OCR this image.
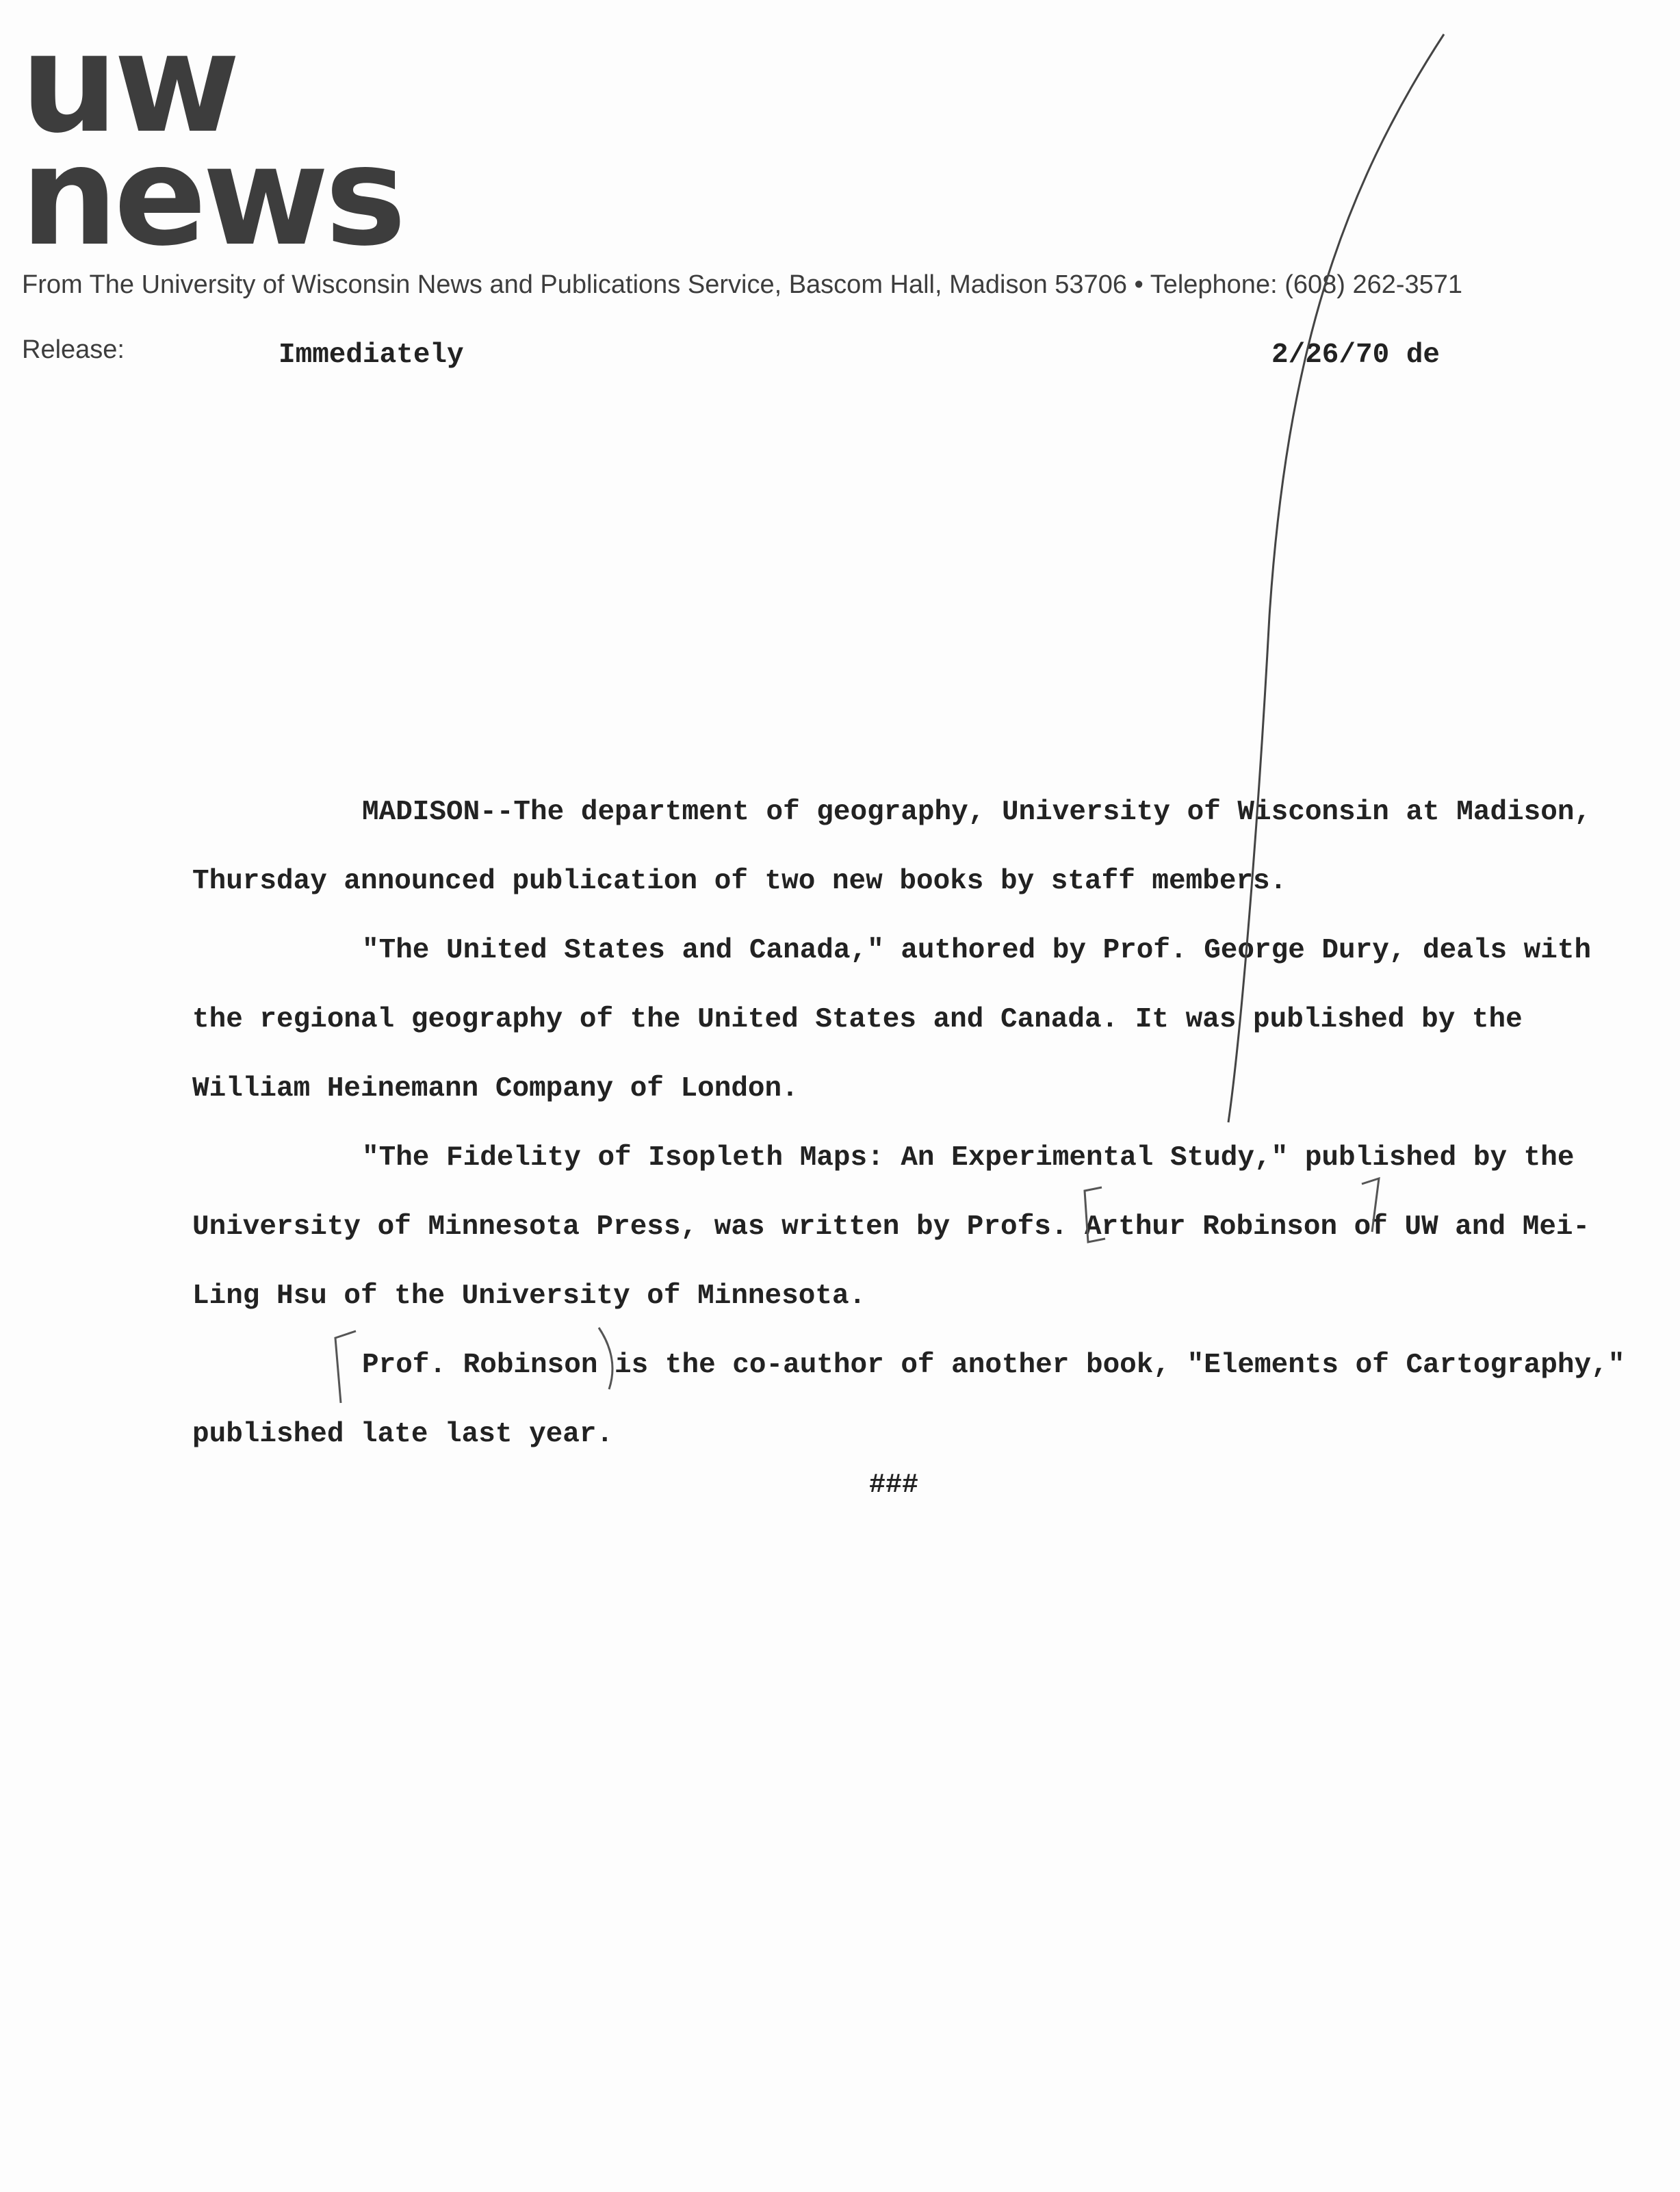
uw
news
From The University of Wisconsin News and Publications Service, Bascom Hall, Madison 53706 • Telephone: (608) 262-3571
Release:	Immediately	2/26/70 de

MADISON--The department of geography, University of Wisconsin at Madison, Thursday announced publication of two new books by staff members.

"The United States and Canada," authored by Prof. George Dury, deals with the regional geography of the United States and Canada. It was published by the William Heinemann Company of London.

"The Fidelity of Isopleth Maps: An Experimental Study," published by the University of Minnesota Press, was written by Profs. Arthur Robinson of UW and Mei-Ling Hsu of the University of Minnesota.

Prof. Robinson is the co-author of another book, "Elements of Cartography," published late last year.

###
